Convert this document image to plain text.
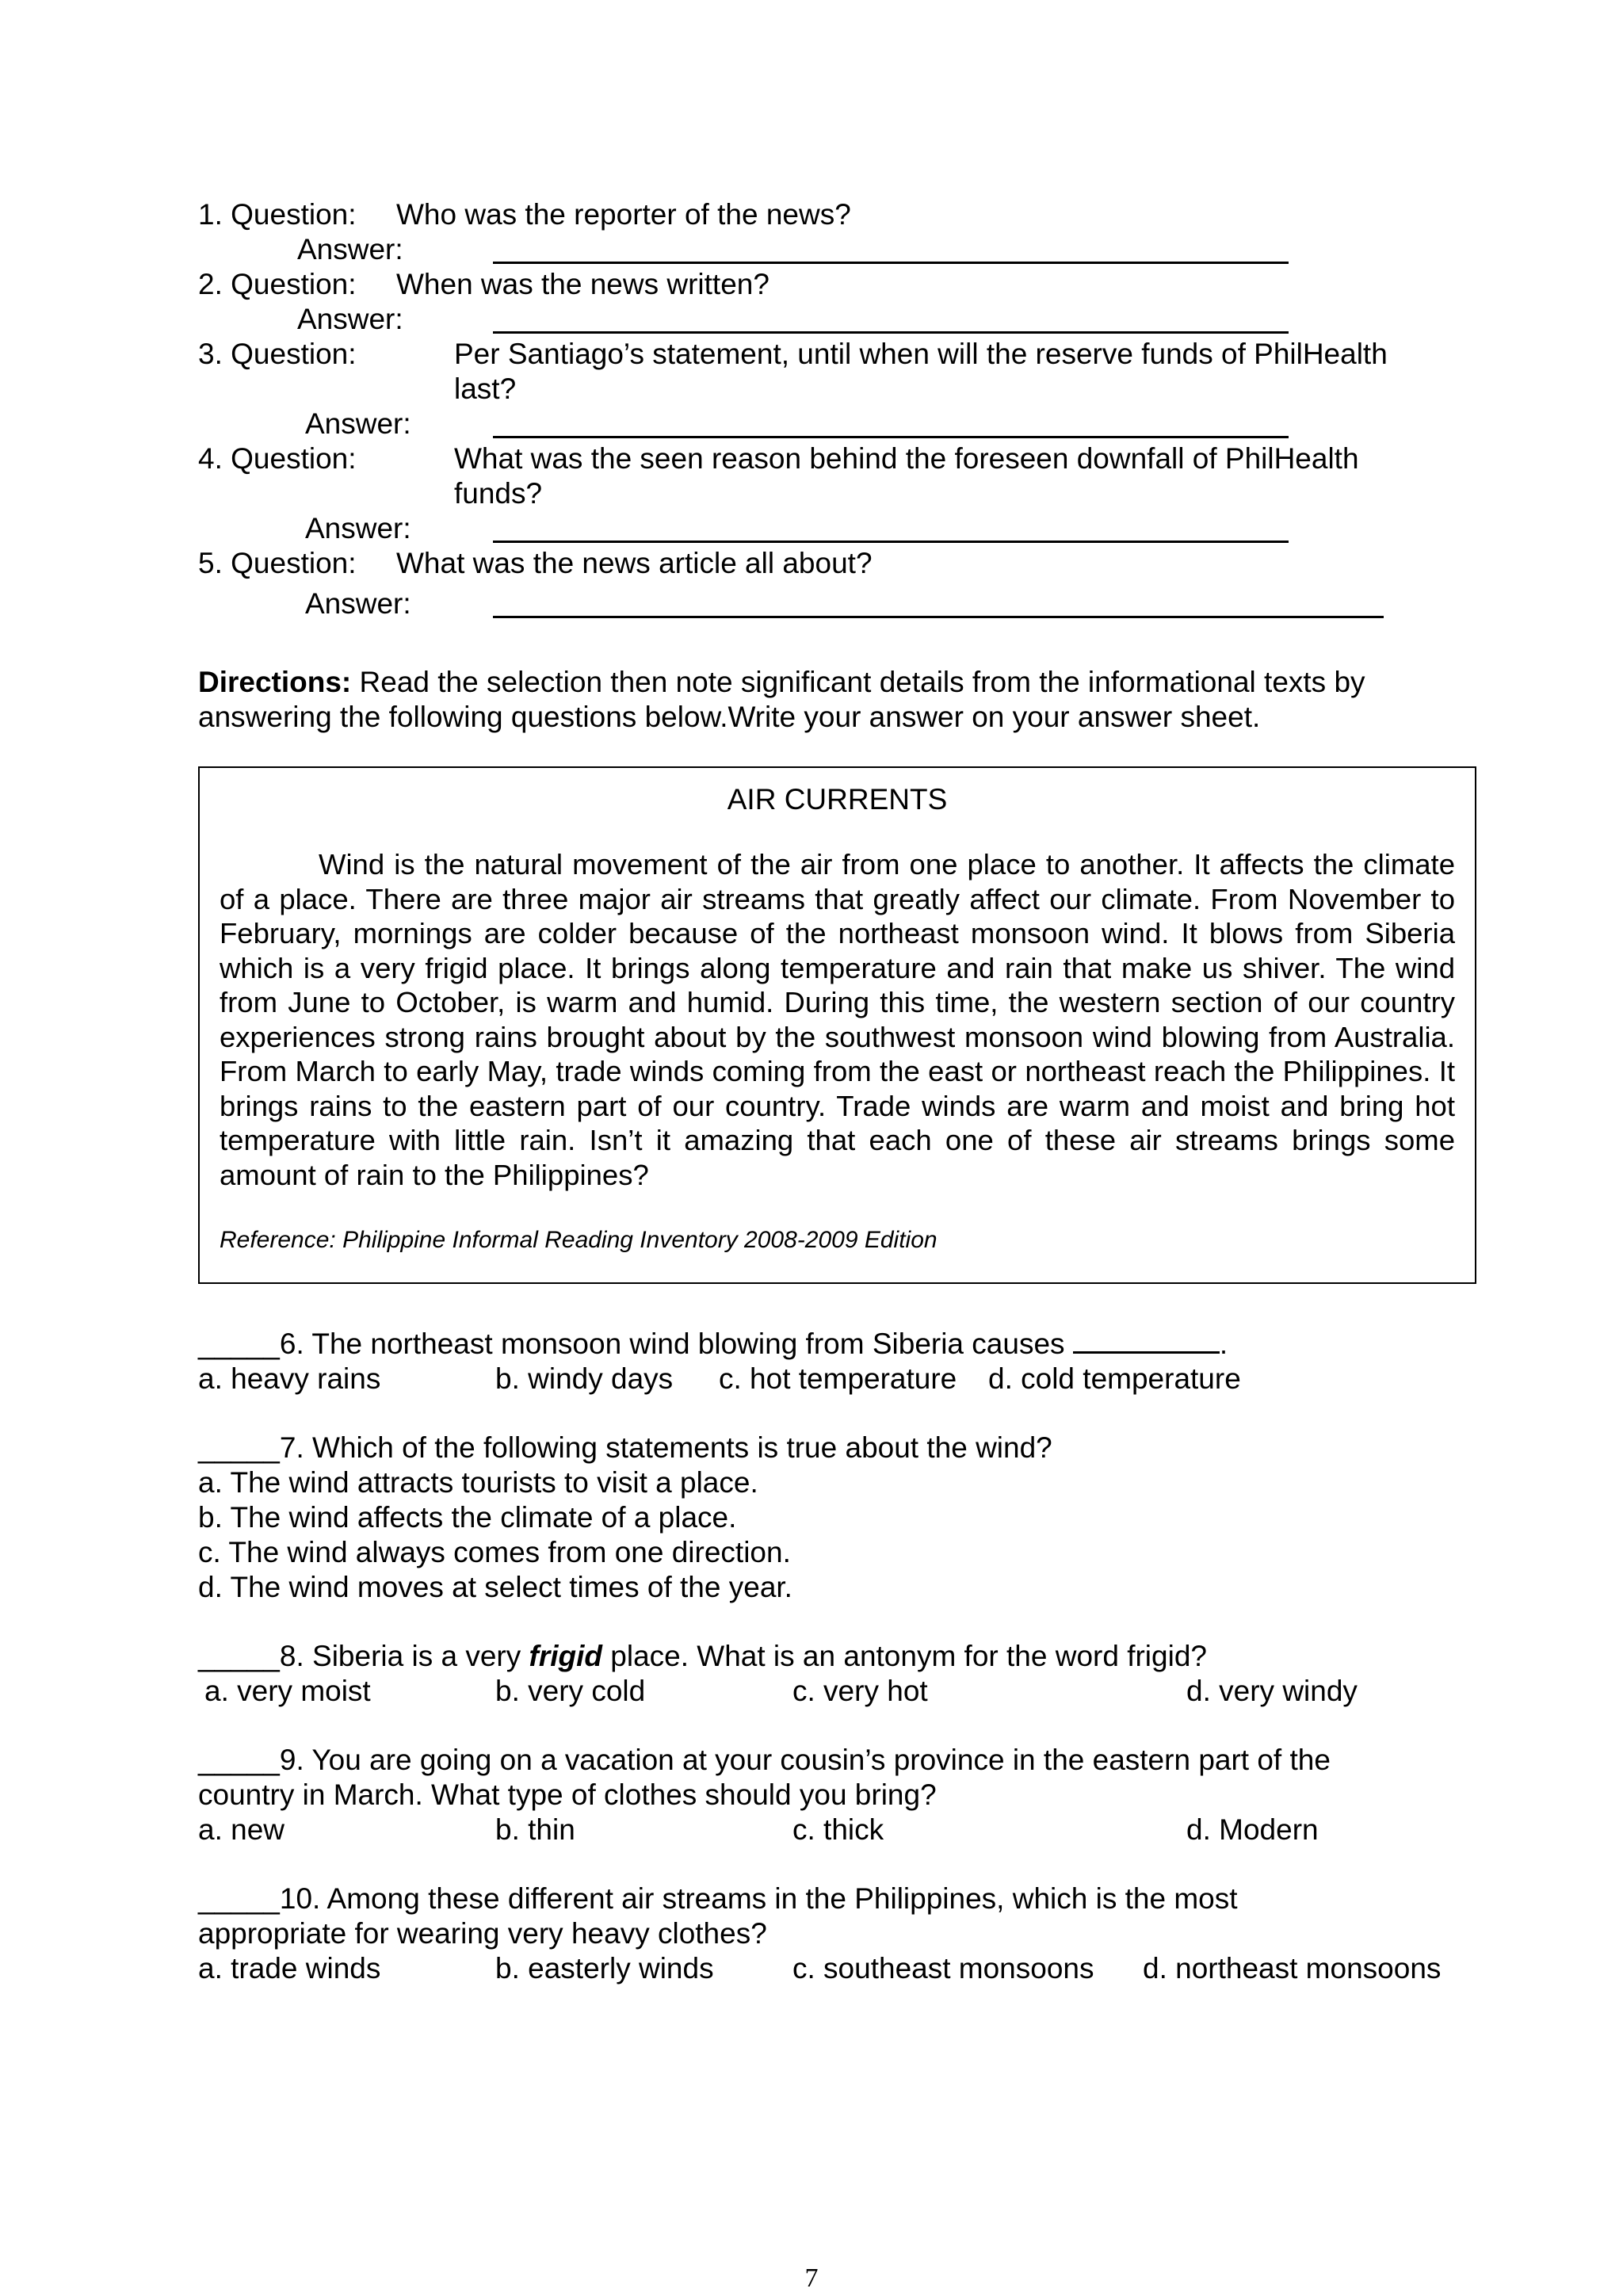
1. Question: Who was the reporter of the news?
Answer:
2. Question: When was the news written?
Answer:
3. Question:	Per Santiago’s statement, until when will the reserve funds of PhilHealth
last?
Answer:
4. Question:	What was the seen reason behind the foreseen downfall of PhilHealth
funds?
Answer:
5. Question: What was the news article all about?
Answer:
Directions: Read the selection then note significant details from the informational texts by
answering the following questions below.Write your answer on your answer sheet.
AIR CURRENTS
Wind is the natural movement of the air from one place to another. It affects the climate of a place. There are three major air streams that greatly affect our climate. From November to February, mornings are colder because of the northeast monsoon wind. It blows from Siberia which is a very frigid place. It brings along temperature and rain that make us shiver. The wind from June to October, is warm and humid. During this time, the western section of our country experiences strong rains brought about by the southwest monsoon wind blowing from Australia. From March to early May, trade winds coming from the east or northeast reach the Philippines. It brings rains to the eastern part of our country. Trade winds are warm and moist and bring hot temperature with little rain. Isn’t it amazing that each one of these air streams brings some amount of rain to the Philippines?
Reference: Philippine Informal Reading Inventory 2008-2009 Edition
_____6. The northeast monsoon wind blowing from Siberia causes	.
a. heavy rains	b. windy days c. hot temperature d. cold temperature
_____7. Which of the following statements is true about the wind?
a. The wind attracts tourists to visit a place.
b. The wind affects the climate of a place.
c. The wind always comes from one direction.
d. The wind moves at select times of the year.
_____8. Siberia is a very frigid place. What is an antonym for the word frigid?
a. very moist	b. very cold	c. very hot	d. very windy
_____9. You are going on a vacation at your cousin’s province in the eastern part of the
country in March. What type of clothes should you bring?
a. new	b. thin	c. thick	d. Modern
_____10. Among these different air streams in the Philippines, which is the most
appropriate for wearing very heavy clothes?
a. trade winds	b. easterly winds	c. southeast monsoons d. northeast monsoons
7
